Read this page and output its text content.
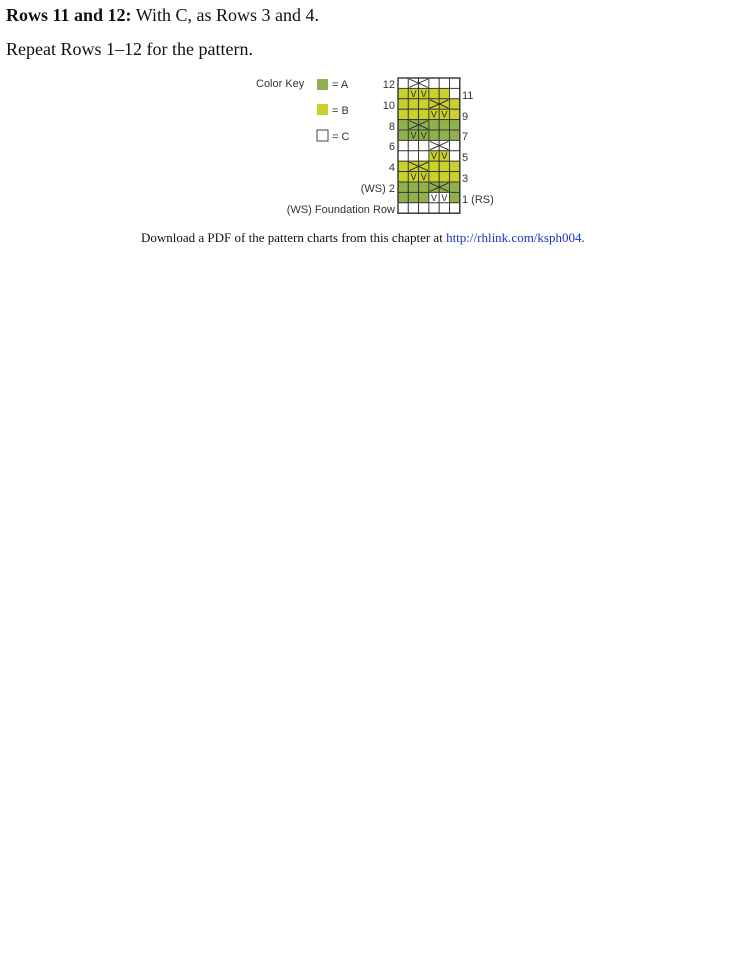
Rows 11 and 12: With C, as Rows 3 and 4.

Repeat Rows 1–12 for the pattern.

Color Key	= A
= B
= C
12
10
8
6
4
(WS) 2
(WS) Foundation Row
11
9
7
5
3
1 (RS)
V V
V V
V V
V V
V V
V V
Download a PDF of the pattern charts from this chapter at http://rhlink.com/ksph004.
